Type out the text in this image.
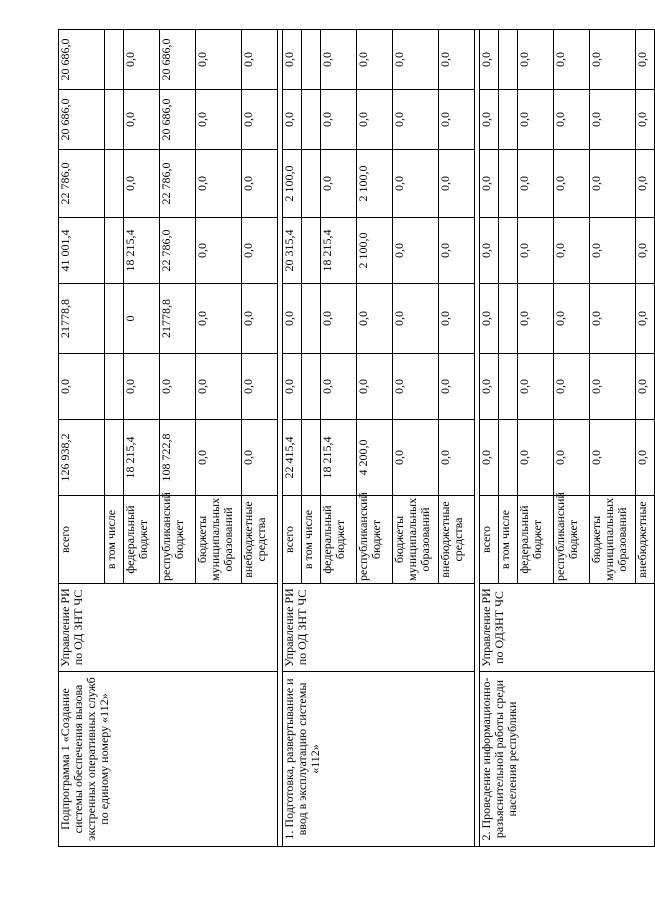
Подпрограмма 1 «Создание системы обеспечения вызова экстренных оперативных служб по единому номеру «112»	Управление РИ по ОД ЗНТ ЧС	всего	126 938,2	0,0	21778,8	41 001,4	22 786,0	20 686,0	20 686,0
		в том числе							
		федеральный бюджет	18 215,4	0,0	0	18 215,4	0,0	0,0	0,0
		республиканский бюджет	108 722,8	0,0	21778,8	22 786,0	22 786,0	20 686,0	20 686,0
		бюджеты муниципальных образований	0,0	0,0	0,0	0,0	0,0	0,0	0,0
		внебюджетные средства	0,0	0,0	0,0	0,0	0,0	0,0	0,0

1. Подготовка, развертывание и ввод в эксплуатацию системы «112»	Управление РИ по ОД ЗНТ ЧС	всего	22 415,4	0,0	0,0	20 315,4	2 100,0	0,0	0,0
		в том числе							
		федеральный бюджет	18 215,4	0,0	0,0	18 215,4	0,0	0,0	0,0
		республиканский бюджет	4 200,0	0,0	0,0	2 100,0	2 100,0	0,0	0,0
		бюджеты муниципальных образований	0,0	0,0	0,0	0,0	0,0	0,0	0,0
		внебюджетные средства	0,0	0,0	0,0	0,0	0,0	0,0	0,0

2. Проведение информационно-разъяснительной работы среди населения республики	Управление РИ по ОДЗНТ ЧС	всего	0,0	0,0	0,0	0,0	0,0	0,0	0,0
		в том числе							
		федеральный бюджет	0,0	0,0	0,0	0,0	0,0	0,0	0,0
		республиканский бюджет	0,0	0,0	0,0	0,0	0,0	0,0	0,0
		бюджеты муниципальных образований	0,0	0,0	0,0	0,0	0,0	0,0	0,0
		внебюджетные	0,0	0,0	0,0	0,0	0,0	0,0	0,0
